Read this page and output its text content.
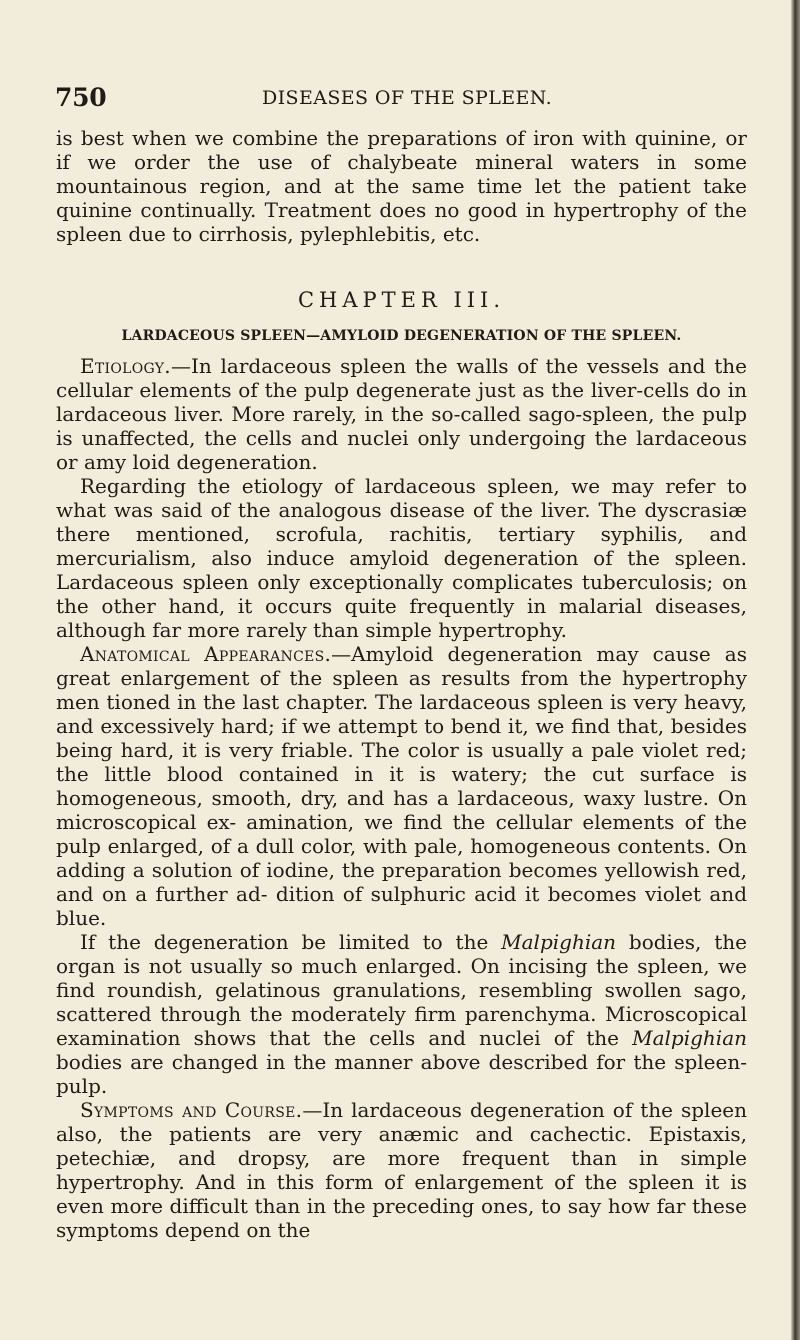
750	DISEASES OF THE SPLEEN.

is best when we combine the preparations of iron with quinine, or if we order the use of chalybeate mineral waters in some mountainous region, and at the same time let the patient take quinine continually. Treatment does no good in hypertrophy of the spleen due to cirrhosis, pylephlebitis, etc.

CHAPTER III.

LARDACEOUS SPLEEN—AMYLOID DEGENERATION OF THE SPLEEN.

Etiology.—In lardaceous spleen the walls of the vessels and the cellular elements of the pulp degenerate just as the liver-cells do in lardaceous liver. More rarely, in the so-called sago-spleen, the pulp is unaffected, the cells and nuclei only undergoing the lardaceous or amy loid degeneration.

Regarding the etiology of lardaceous spleen, we may refer to what was said of the analogous disease of the liver. The dyscrasiæ there mentioned, scrofula, rachitis, tertiary syphilis, and mercurialism, also induce amyloid degeneration of the spleen. Lardaceous spleen only exceptionally complicates tuberculosis; on the other hand, it occurs quite frequently in malarial diseases, although far more rarely than simple hypertrophy.

Anatomical Appearances.—Amyloid degeneration may cause as great enlargement of the spleen as results from the hypertrophy men tioned in the last chapter. The lardaceous spleen is very heavy, and excessively hard; if we attempt to bend it, we find that, besides being hard, it is very friable. The color is usually a pale violet red; the little blood contained in it is watery; the cut surface is homogeneous, smooth, dry, and has a lardaceous, waxy lustre. On microscopical ex- amination, we find the cellular elements of the pulp enlarged, of a dull color, with pale, homogeneous contents. On adding a solution of iodine, the preparation becomes yellowish red, and on a further ad- dition of sulphuric acid it becomes violet and blue.

If the degeneration be limited to the Malpighian bodies, the organ is not usually so much enlarged. On incising the spleen, we find roundish, gelatinous granulations, resembling swollen sago, scattered through the moderately firm parenchyma. Microscopical examination shows that the cells and nuclei of the Malpighian bodies are changed in the manner above described for the spleen-pulp.

Symptoms and Course.—In lardaceous degeneration of the spleen also, the patients are very anæmic and cachectic. Epistaxis, petechiæ, and dropsy, are more frequent than in simple hypertrophy. And in this form of enlargement of the spleen it is even more difficult than in the preceding ones, to say how far these symptoms depend on the
